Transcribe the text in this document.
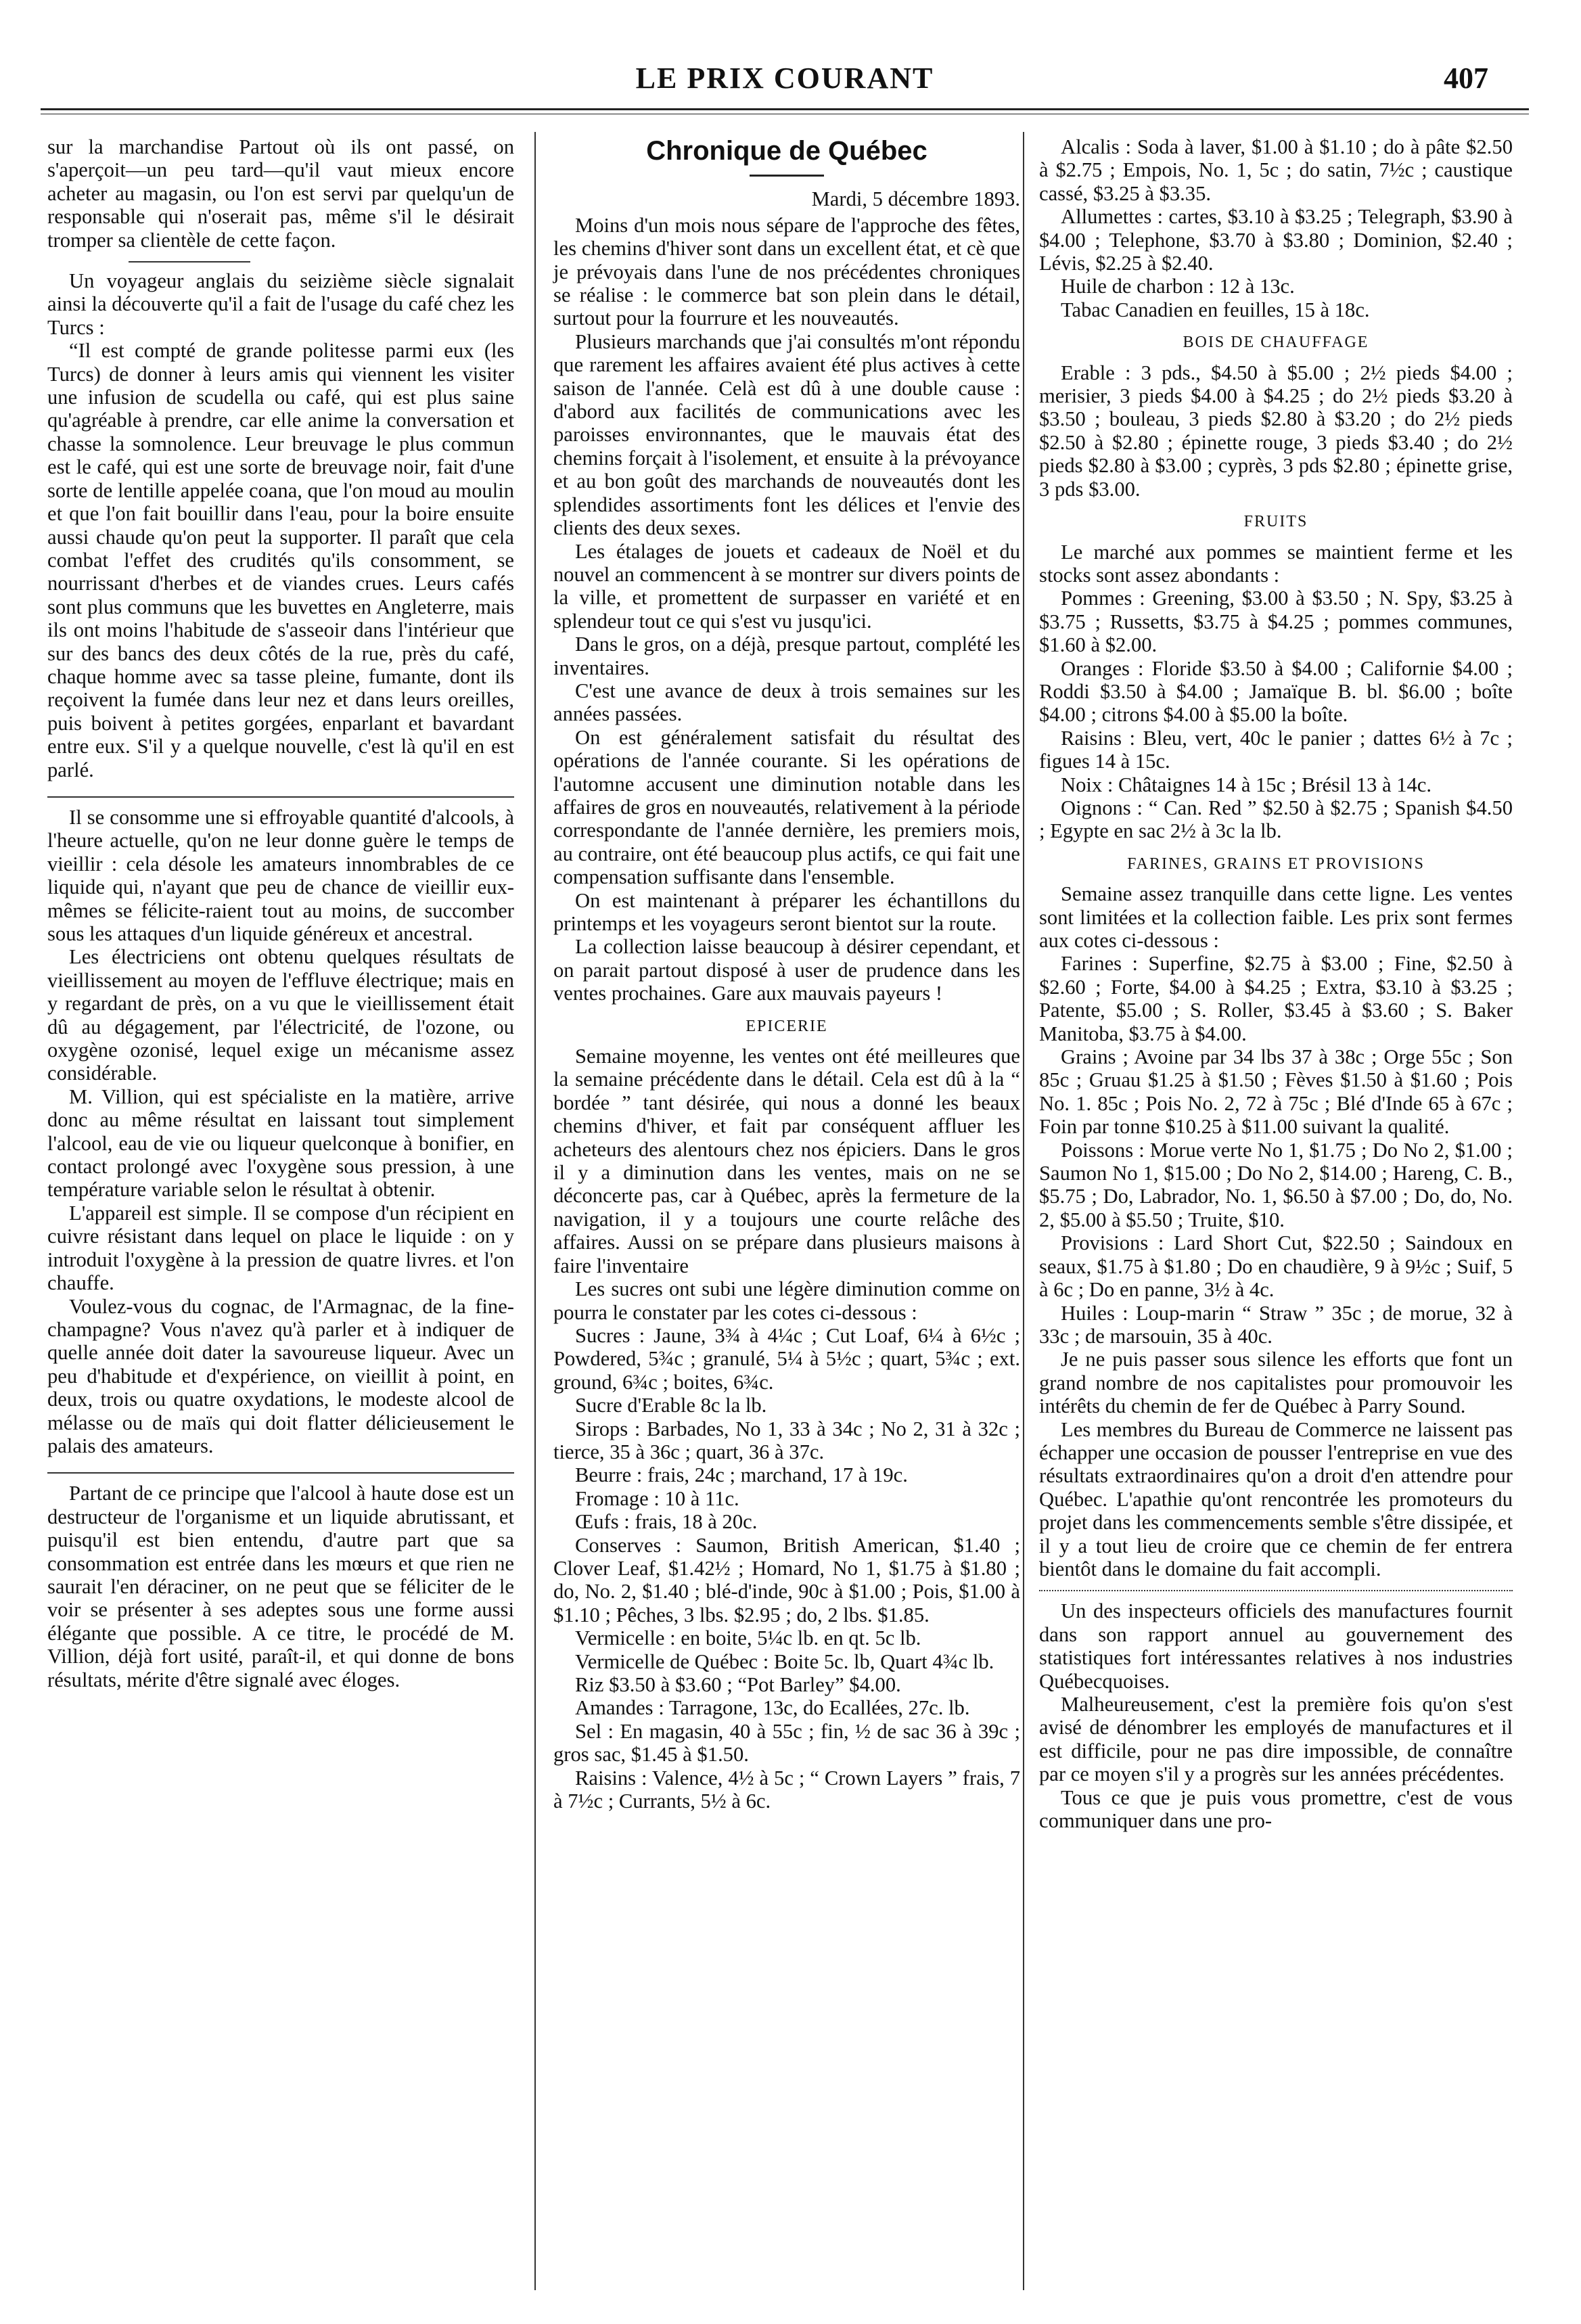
LE PRIX COURANT	407

sur la marchandise Partout où ils ont passé, on s'aperçoit—un peu tard—qu'il vaut mieux encore acheter au magasin, ou l'on est servi par quelqu'un de responsable qui n'oserait pas, même s'il le désirait tromper sa clientèle de cette façon.

Un voyageur anglais du seizième siècle signalait ainsi la découverte qu'il a fait de l'usage du café chez les Turcs :

“Il est compté de grande politesse parmi eux (les Turcs) de donner à leurs amis qui viennent les visiter une infusion de scudella ou café, qui est plus saine qu'agréable à prendre, car elle anime la conversation et chasse la somnolence. Leur breuvage le plus commun est le café, qui est une sorte de breuvage noir, fait d'une sorte de lentille appelée coana, que l'on moud au moulin et que l'on fait bouillir dans l'eau, pour la boire ensuite aussi chaude qu'on peut la supporter. Il paraît que cela combat l'effet des crudités qu'ils consomment, se nourrissant d'herbes et de viandes crues. Leurs cafés sont plus communs que les buvettes en Angleterre, mais ils ont moins l'habitude de s'asseoir dans l'intérieur que sur des bancs des deux côtés de la rue, près du café, chaque homme avec sa tasse pleine, fumante, dont ils reçoivent la fumée dans leur nez et dans leurs oreilles, puis boivent à petites gorgées, enparlant et bavardant entre eux. S'il y a quelque nouvelle, c'est là qu'il en est parlé.

Il se consomme une si effroyable quantité d'alcools, à l'heure actuelle, qu'on ne leur donne guère le temps de vieillir : cela désole les amateurs innombrables de ce liquide qui, n'ayant que peu de chance de vieillir eux-mêmes se félicite-raient tout au moins, de succomber sous les attaques d'un liquide généreux et ancestral.

Les électriciens ont obtenu quelques résultats de vieillissement au moyen de l'effluve électrique; mais en y regardant de près, on a vu que le vieillissement était dû au dégagement, par l'électricité, de l'ozone, ou oxygène ozonisé, lequel exige un mécanisme assez considérable.

M. Villion, qui est spécialiste en la matière, arrive donc au même résultat en laissant tout simplement l'alcool, eau de vie ou liqueur quelconque à bonifier, en contact prolongé avec l'oxygène sous pression, à une température variable selon le résultat à obtenir.

L'appareil est simple. Il se compose d'un récipient en cuivre résistant dans lequel on place le liquide : on y introduit l'oxygène à la pression de quatre livres. et l'on chauffe.

Voulez-vous du cognac, de l'Armagnac, de la fine-champagne? Vous n'avez qu'à parler et à indiquer de quelle année doit dater la savoureuse liqueur. Avec un peu d'habitude et d'expérience, on vieillit à point, en deux, trois ou quatre oxydations, le modeste alcool de mélasse ou de maïs qui doit flatter délicieusement le palais des amateurs.

Partant de ce principe que l'alcool à haute dose est un destructeur de l'organisme et un liquide abrutissant, et puisqu'il est bien entendu, d'autre part que sa consommation est entrée dans les mœurs et que rien ne saurait l'en déraciner, on ne peut que se féliciter de le voir se présenter à ses adeptes sous une forme aussi élégante que possible. A ce titre, le procédé de M. Villion, déjà fort usité, paraît-il, et qui donne de bons résultats, mérite d'être signalé avec éloges.

Chronique de Québec
Mardi, 5 décembre 1893.

Moins d'un mois nous sépare de l'approche des fêtes, les chemins d'hiver sont dans un excellent état, et cè que je prévoyais dans l'une de nos précédentes chroniques se réalise : le commerce bat son plein dans le détail, surtout pour la fourrure et les nouveautés.

Plusieurs marchands que j'ai consultés m'ont répondu que rarement les affaires avaient été plus actives à cette saison de l'année. Celà est dû à une double cause : d'abord aux facilités de communications avec les paroisses environnantes, que le mauvais état des chemins forçait à l'isolement, et ensuite à la prévoyance et au bon goût des marchands de nouveautés dont les splendides assortiments font les délices et l'envie des clients des deux sexes.

Les étalages de jouets et cadeaux de Noël et du nouvel an commencent à se montrer sur divers points de la ville, et promettent de surpasser en variété et en splendeur tout ce qui s'est vu jusqu'ici.

Dans le gros, on a déjà, presque partout, complété les inventaires.

C'est une avance de deux à trois semaines sur les années passées.

On est généralement satisfait du résultat des opérations de l'année courante. Si les opérations de l'automne accusent une diminution notable dans les affaires de gros en nouveautés, relativement à la période correspondante de l'année dernière, les premiers mois, au contraire, ont été beaucoup plus actifs, ce qui fait une compensation suffisante dans l'ensemble.

On est maintenant à préparer les échantillons du printemps et les voyageurs seront bientot sur la route.

La collection laisse beaucoup à désirer cependant, et on parait partout disposé à user de prudence dans les ventes prochaines. Gare aux mauvais payeurs !

EPICERIE

Semaine moyenne, les ventes ont été meilleures que la semaine précédente dans le détail. Cela est dû à la “ bordée ” tant désirée, qui nous a donné les beaux chemins d'hiver, et fait par conséquent affluer les acheteurs des alentours chez nos épiciers. Dans le gros il y a diminution dans les ventes, mais on ne se déconcerte pas, car à Québec, après la fermeture de la navigation, il y a toujours une courte relâche des affaires. Aussi on se prépare dans plusieurs maisons à faire l'inventaire

Les sucres ont subi une légère diminution comme on pourra le constater par les cotes ci-dessous :

Sucres : Jaune, 3¾ à 4¼c ; Cut Loaf, 6¼ à 6½c ; Powdered, 5¾c ; granulé, 5¼ à 5½c ; quart, 5¾c ; ext. ground, 6¾c ; boites, 6¾c.

Sucre d'Erable 8c la lb.

Sirops : Barbades, No 1, 33 à 34c ; No 2, 31 à 32c ; tierce, 35 à 36c ; quart, 36 à 37c.

Beurre : frais, 24c ; marchand, 17 à 19c.

Fromage : 10 à 11c.

Œufs : frais, 18 à 20c.

Conserves : Saumon, British American, $1.40 ; Clover Leaf, $1.42½ ; Homard, No 1, $1.75 à $1.80 ; do, No. 2, $1.40 ; blé-d'inde, 90c à $1.00 ; Pois, $1.00 à $1.10 ; Pêches, 3 lbs. $2.95 ; do, 2 lbs. $1.85.

Vermicelle : en boite, 5¼c lb. en qt. 5c lb.

Vermicelle de Québec : Boite 5c. lb, Quart 4¾c lb.

Riz $3.50 à $3.60 ; “Pot Barley” $4.00.

Amandes : Tarragone, 13c, do Ecallées, 27c. lb.

Sel : En magasin, 40 à 55c ; fin, ½ de sac 36 à 39c ; gros sac, $1.45 à $1.50.

Raisins : Valence, 4½ à 5c ; “ Crown Layers ” frais, 7 à 7½c ; Currants, 5½ à 6c.

Alcalis : Soda à laver, $1.00 à $1.10 ; do à pâte $2.50 à $2.75 ; Empois, No. 1, 5c ; do satin, 7½c ; caustique cassé, $3.25 à $3.35.

Allumettes : cartes, $3.10 à $3.25 ; Telegraph, $3.90 à $4.00 ; Telephone, $3.70 à $3.80 ; Dominion, $2.40 ; Lévis, $2.25 à $2.40.

Huile de charbon : 12 à 13c.

Tabac Canadien en feuilles, 15 à 18c.

BOIS DE CHAUFFAGE

Erable : 3 pds., $4.50 à $5.00 ; 2½ pieds $4.00 ; merisier, 3 pieds $4.00 à $4.25 ; do 2½ pieds $3.20 à $3.50 ; bouleau, 3 pieds $2.80 à $3.20 ; do 2½ pieds $2.50 à $2.80 ; épinette rouge, 3 pieds $3.40 ; do 2½ pieds $2.80 à $3.00 ; cyprès, 3 pds $2.80 ; épinette grise, 3 pds $3.00.

FRUITS

Le marché aux pommes se maintient ferme et les stocks sont assez abondants :

Pommes : Greening, $3.00 à $3.50 ; N. Spy, $3.25 à $3.75 ; Russetts, $3.75 à $4.25 ; pommes communes, $1.60 à $2.00.

Oranges : Floride $3.50 à $4.00 ; Californie $4.00 ; Roddi $3.50 à $4.00 ; Jamaïque B. bl. $6.00 ; boîte $4.00 ; citrons $4.00 à $5.00 la boîte.

Raisins : Bleu, vert, 40c le panier ; dattes 6½ à 7c ; figues 14 à 15c.

Noix : Châtaignes 14 à 15c ; Brésil 13 à 14c.

Oignons : “ Can. Red ” $2.50 à $2.75 ; Spanish $4.50 ; Egypte en sac 2½ à 3c la lb.

FARINES, GRAINS ET PROVISIONS

Semaine assez tranquille dans cette ligne. Les ventes sont limitées et la collection faible. Les prix sont fermes aux cotes ci-dessous :

Farines : Superfine, $2.75 à $3.00 ; Fine, $2.50 à $2.60 ; Forte, $4.00 à $4.25 ; Extra, $3.10 à $3.25 ; Patente, $5.00 ; S. Roller, $3.45 à $3.60 ; S. Baker Manitoba, $3.75 à $4.00.

Grains ; Avoine par 34 lbs 37 à 38c ; Orge 55c ; Son 85c ; Gruau $1.25 à $1.50 ; Fèves $1.50 à $1.60 ; Pois No. 1. 85c ; Pois No. 2, 72 à 75c ; Blé d'Inde 65 à 67c ; Foin par tonne $10.25 à $11.00 suivant la qualité.

Poissons : Morue verte No 1, $1.75 ; Do No 2, $1.00 ; Saumon No 1, $15.00 ; Do No 2, $14.00 ; Hareng, C. B., $5.75 ; Do, Labrador, No. 1, $6.50 à $7.00 ; Do, do, No. 2, $5.00 à $5.50 ; Truite, $10.

Provisions : Lard Short Cut, $22.50 ; Saindoux en seaux, $1.75 à $1.80 ; Do en chaudière, 9 à 9½c ; Suif, 5 à 6c ; Do en panne, 3½ à 4c.

Huiles : Loup-marin “ Straw ” 35c ; de morue, 32 à 33c ; de marsouin, 35 à 40c.

Je ne puis passer sous silence les efforts que font un grand nombre de nos capitalistes pour promouvoir les intérêts du chemin de fer de Québec à Parry Sound.

Les membres du Bureau de Commerce ne laissent pas échapper une occasion de pousser l'entreprise en vue des résultats extraordinaires qu'on a droit d'en attendre pour Québec. L'apathie qu'ont rencontrée les promoteurs du projet dans les commencements semble s'être dissipée, et il y a tout lieu de croire que ce chemin de fer entrera bientôt dans le domaine du fait accompli.

Un des inspecteurs officiels des manufactures fournit dans son rapport annuel au gouvernement des statistiques fort intéressantes relatives à nos industries Québecquoises.

Malheureusement, c'est la première fois qu'on s'est avisé de dénombrer les employés de manufactures et il est difficile, pour ne pas dire impossible, de connaître par ce moyen s'il y a progrès sur les années précédentes.

Tous ce que je puis vous promettre, c'est de vous communiquer dans une pro-
